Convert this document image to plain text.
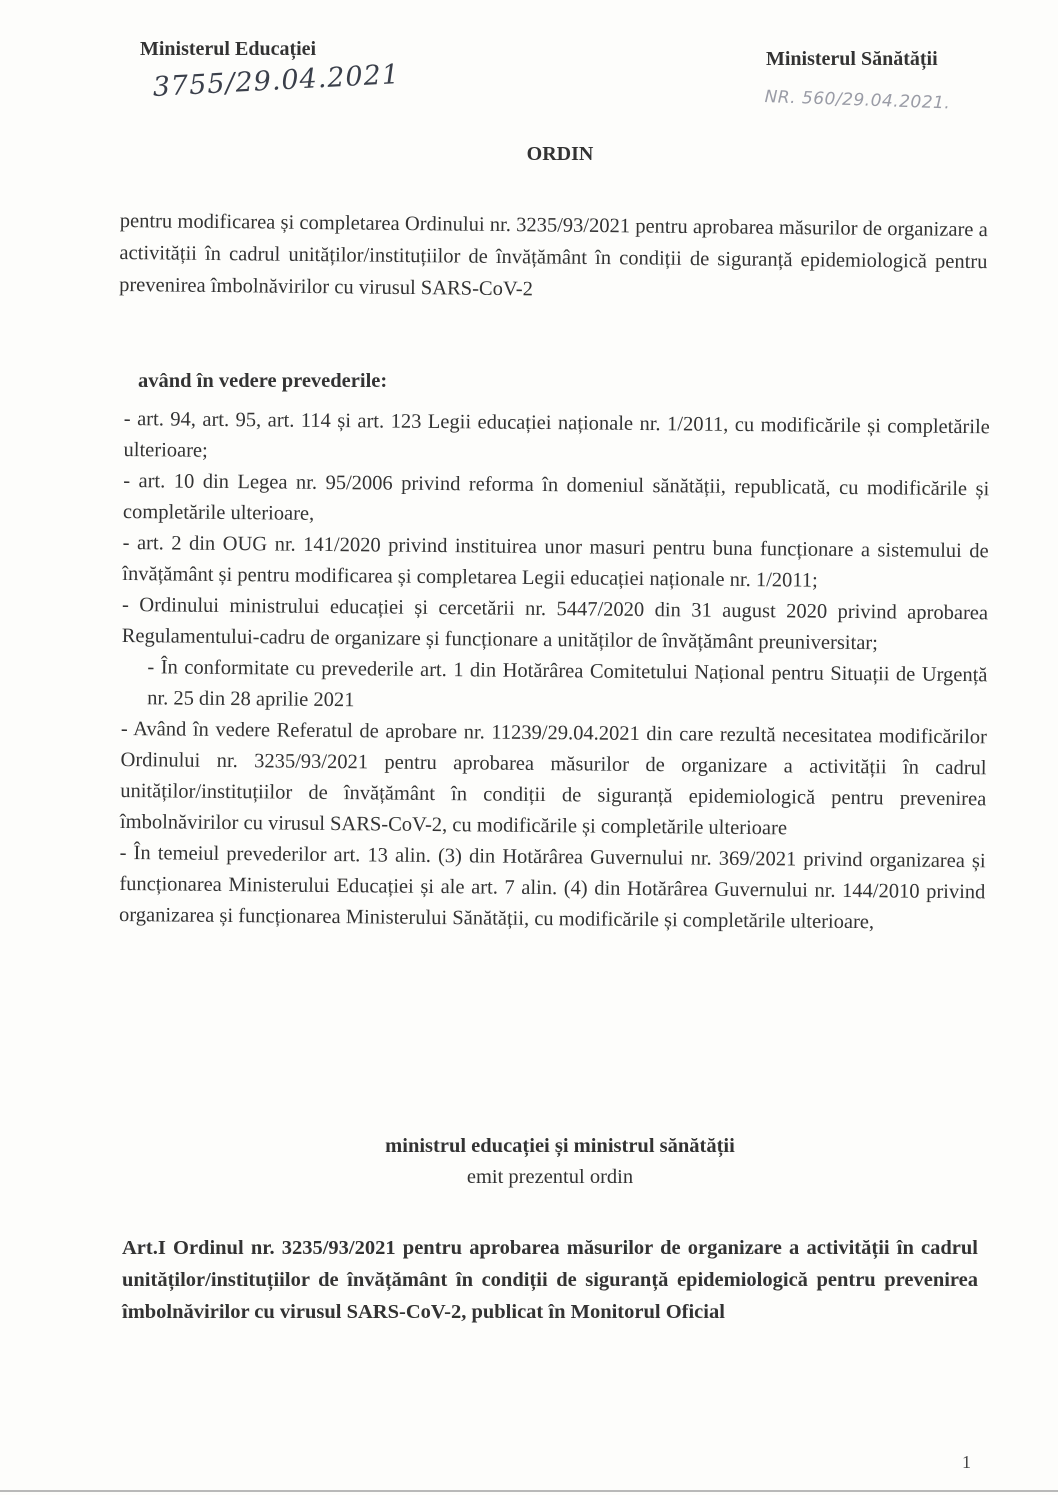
Ministerul Educației
3755/29.04.2021
Ministerul Sănătății
NR. 560/29.04.2021.
ORDIN
pentru modificarea și completarea Ordinului nr. 3235/93/2021 pentru aprobarea măsurilor de organizare a activității în cadrul unităților/instituțiilor de învățământ în condiții de siguranță epidemiologică pentru prevenirea îmbolnăvirilor cu virusul SARS-CoV-2
având în vedere prevederile:

- art. 94, art. 95, art. 114 și art. 123 Legii educației naționale nr. 1/2011, cu modificările și completările ulterioare;

- art. 10 din Legea nr. 95/2006 privind reforma în domeniul sănătății, republicată, cu modificările și completările ulterioare,

- art. 2 din OUG nr. 141/2020 privind instituirea unor masuri pentru buna funcționare a sistemului de învățământ și pentru modificarea și completarea Legii educației naționale nr. 1/2011;

- Ordinului ministrului educației și cercetării nr. 5447/2020 din 31 august 2020 privind aprobarea Regulamentului-cadru de organizare și funcționare a unităților de învățământ preuniversitar;

- În conformitate cu prevederile art. 1 din Hotărârea Comitetului Național pentru Situații de Urgență nr. 25 din 28 aprilie 2021

- Având în vedere Referatul de aprobare nr. 11239/29.04.2021 din care rezultă necesitatea modificărilor Ordinului nr. 3235/93/2021 pentru aprobarea măsurilor de organizare a activității în cadrul unităților/instituțiilor de învățământ în condiții de siguranță epidemiologică pentru prevenirea îmbolnăvirilor cu virusul SARS-CoV-2, cu modificările și completările ulterioare

- În temeiul prevederilor art. 13 alin. (3) din Hotărârea Guvernului nr. 369/2021 privind organizarea și funcționarea Ministerului Educației și ale art. 7 alin. (4) din Hotărârea Guvernului nr. 144/2010 privind organizarea și funcționarea Ministerului Sănătății, cu modificările și completările ulterioare,

ministrul educației și ministrul sănătății
emit prezentul ordin
Art.I Ordinul nr. 3235/93/2021 pentru aprobarea măsurilor de organizare a activității în cadrul unităților/instituțiilor de învățământ în condiții de siguranță epidemiologică pentru prevenirea îmbolnăvirilor cu virusul SARS-CoV-2, publicat în Monitorul Oficial
1
